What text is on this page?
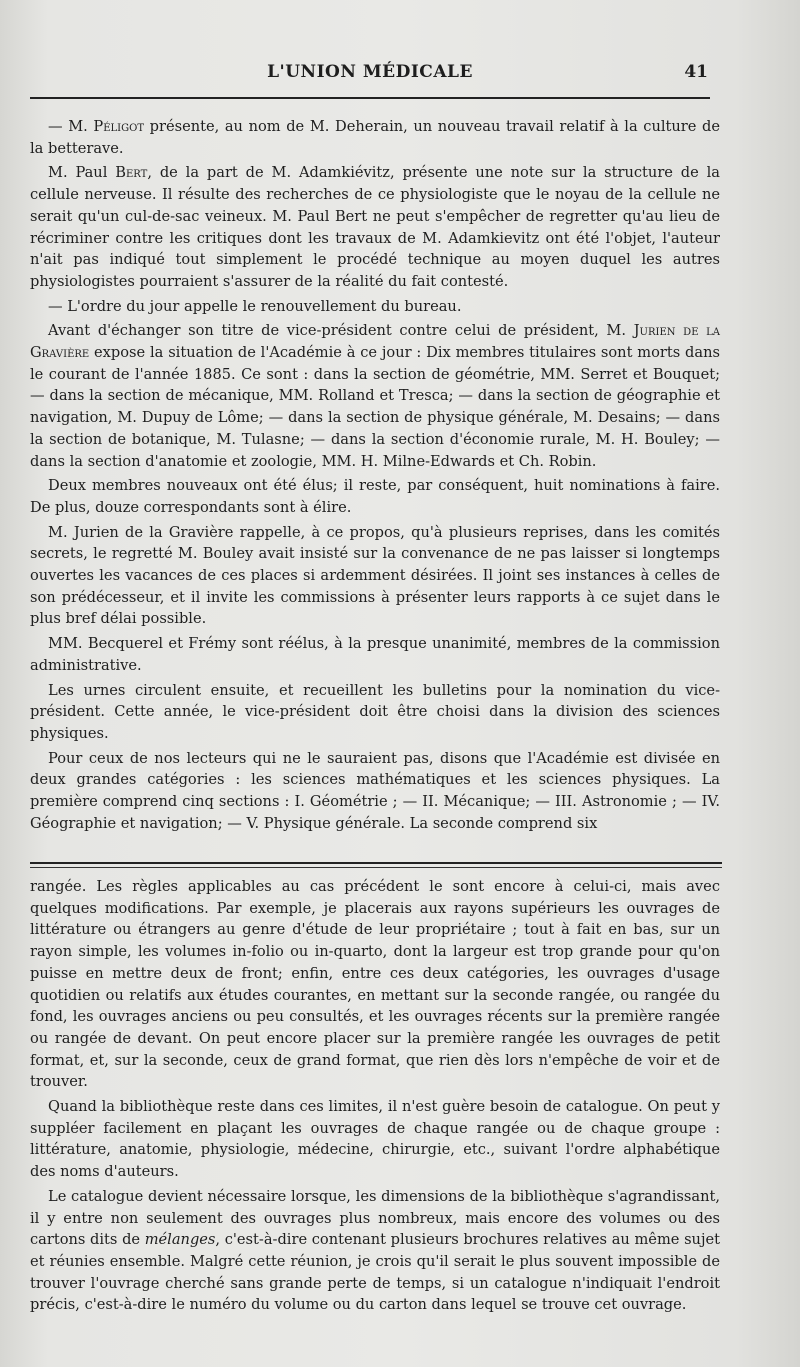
L'UNION MÉDICALE	41

— M. Péligot présente, au nom de M. Deherain, un nouveau travail relatif à la culture de la betterave.

M. Paul Bert, de la part de M. Adamkiévitz, présente une note sur la structure de la cellule nerveuse. Il résulte des recherches de ce physiologiste que le noyau de la cellule ne serait qu'un cul-de-sac veineux. M. Paul Bert ne peut s'empêcher de regretter qu'au lieu de récriminer contre les critiques dont les travaux de M. Adamkievitz ont été l'objet, l'auteur n'ait pas indiqué tout simplement le procédé technique au moyen duquel les autres physiologistes pourraient s'assurer de la réalité du fait contesté.

— L'ordre du jour appelle le renouvellement du bureau.

Avant d'échanger son titre de vice-président contre celui de président, M. Jurien de la Gravière expose la situation de l'Académie à ce jour : Dix membres titulaires sont morts dans le courant de l'année 1885. Ce sont : dans la section de géométrie, MM. Serret et Bouquet; — dans la section de mécanique, MM. Rolland et Tresca; — dans la section de géographie et navigation, M. Dupuy de Lôme; — dans la section de physique générale, M. Desains; — dans la section de botanique, M. Tulasne; — dans la section d'économie rurale, M. H. Bouley; — dans la section d'anatomie et zoologie, MM. H. Milne-Edwards et Ch. Robin.

Deux membres nouveaux ont été élus; il reste, par conséquent, huit nominations à faire. De plus, douze correspondants sont à élire.

M. Jurien de la Gravière rappelle, à ce propos, qu'à plusieurs reprises, dans les comités secrets, le regretté M. Bouley avait insisté sur la convenance de ne pas laisser si longtemps ouvertes les vacances de ces places si ardemment désirées. Il joint ses instances à celles de son prédécesseur, et il invite les commissions à présenter leurs rapports à ce sujet dans le plus bref délai possible.

MM. Becquerel et Frémy sont réélus, à la presque unanimité, membres de la commission administrative.

Les urnes circulent ensuite, et recueillent les bulletins pour la nomination du vice-président. Cette année, le vice-président doit être choisi dans la division des sciences physiques.

Pour ceux de nos lecteurs qui ne le sauraient pas, disons que l'Académie est divisée en deux grandes catégories : les sciences mathématiques et les sciences physiques. La première comprend cinq sections : I. Géométrie ; — II. Mécanique; — III. Astronomie ; — IV. Géographie et navigation; — V. Physique générale. La seconde comprend six

rangée. Les règles applicables au cas précédent le sont encore à celui-ci, mais avec quelques modifications. Par exemple, je placerais aux rayons supérieurs les ouvrages de littérature ou étrangers au genre d'étude de leur propriétaire ; tout à fait en bas, sur un rayon simple, les volumes in-folio ou in-quarto, dont la largeur est trop grande pour qu'on puisse en mettre deux de front; enfin, entre ces deux catégories, les ouvrages d'usage quotidien ou relatifs aux études courantes, en mettant sur la seconde rangée, ou rangée du fond, les ouvrages anciens ou peu consultés, et les ouvrages récents sur la première rangée ou rangée de devant. On peut encore placer sur la première rangée les ouvrages de petit format, et, sur la seconde, ceux de grand format, que rien dès lors n'empêche de voir et de trouver.

Quand la bibliothèque reste dans ces limites, il n'est guère besoin de catalogue. On peut y suppléer facilement en plaçant les ouvrages de chaque rangée ou de chaque groupe : littérature, anatomie, physiologie, médecine, chirurgie, etc., suivant l'ordre alphabétique des noms d'auteurs.

Le catalogue devient nécessaire lorsque, les dimensions de la bibliothèque s'agrandissant, il y entre non seulement des ouvrages plus nombreux, mais encore des volumes ou des cartons dits de mélanges, c'est-à-dire contenant plusieurs brochures relatives au même sujet et réunies ensemble. Malgré cette réunion, je crois qu'il serait le plus souvent impossible de trouver l'ouvrage cherché sans grande perte de temps, si un catalogue n'indiquait l'endroit précis, c'est-à-dire le numéro du volume ou du carton dans lequel se trouve cet ouvrage.
